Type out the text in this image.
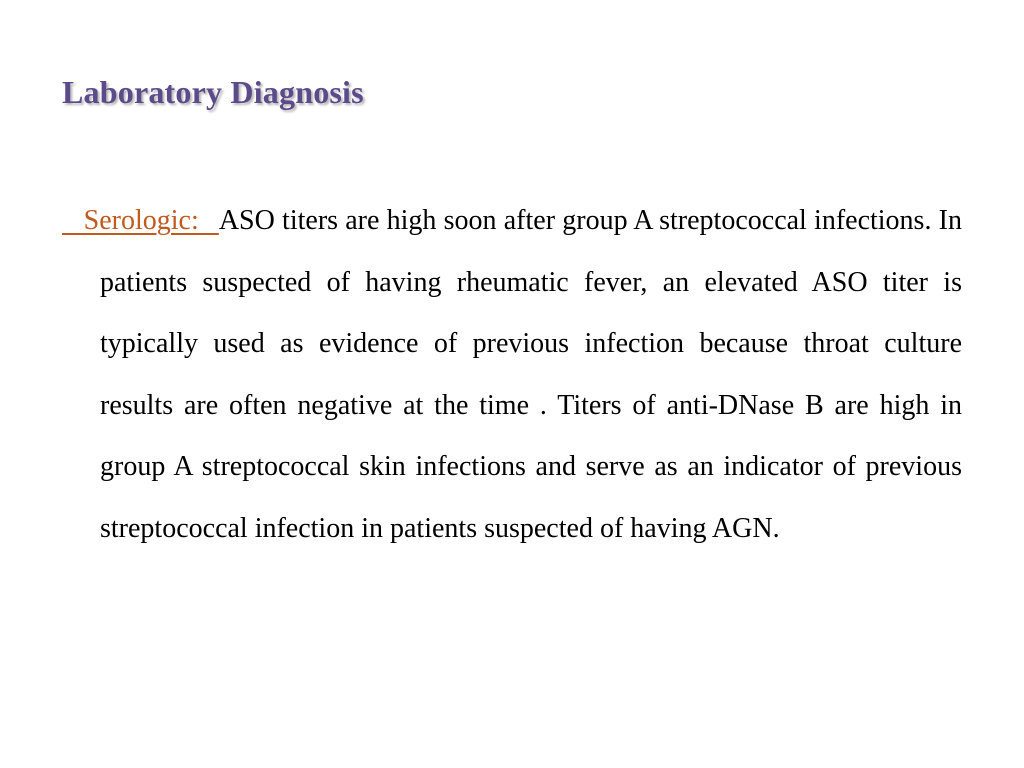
Laboratory Diagnosis

Serologic:   ASO titers are high soon after group A streptococcal infections. In patients suspected of having rheumatic fever, an elevated ASO titer is typically used as evidence of previous infection because throat culture results are often negative at the time . Titers of anti-DNase B are high in group A streptococcal skin infections and serve as an indicator of previous streptococcal infection in patients suspected of having AGN.
